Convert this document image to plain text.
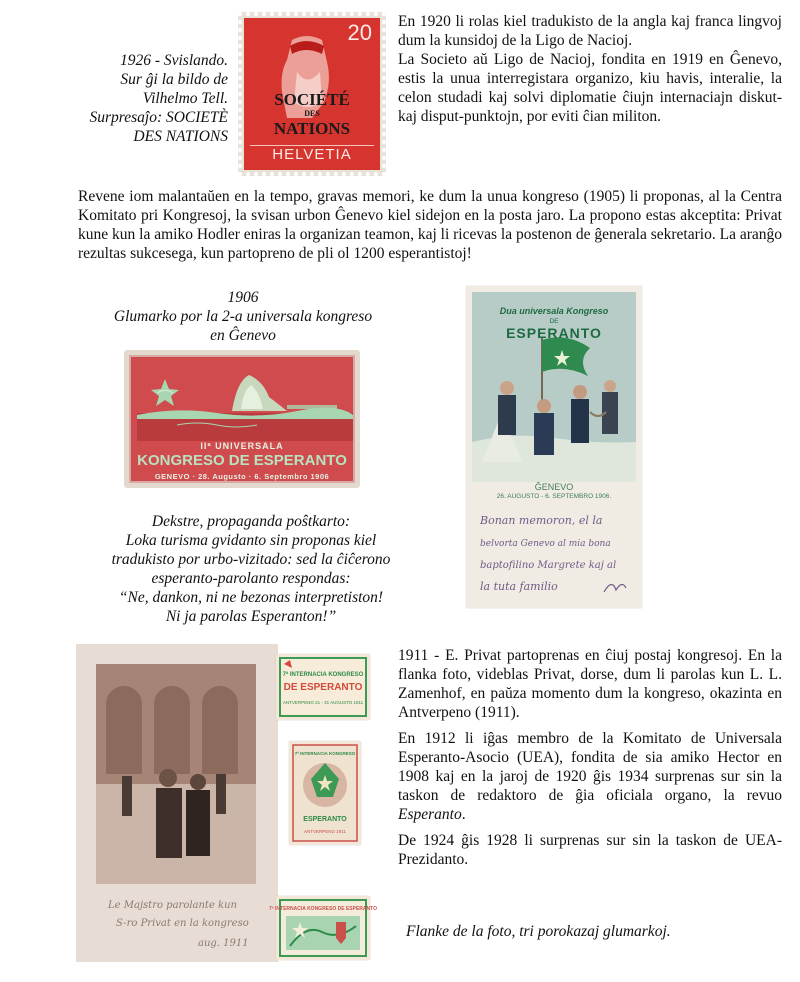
20
SOCIÉTÉ
DES
NATIONS
HELVETIA
1926 - Svislando.
Sur ĝi la bildo de
Vilhelmo Tell.
Surpresaĵo: SOCIETÈ
DES NATIONS

En 1920 li rolas kiel tradukisto de la angla kaj franca lingvoj dum la kunsidoj de la Ligo de Nacioj.

La Societo aŭ Ligo de Nacioj, fondita en 1919 en Ĝenevo, estis la unua interregistara organizo, kiu havis, interalie, la celon studadi kaj solvi diplomatie ĉiujn internaciajn diskut- kaj disput-punktojn, por eviti ĉian militon.

Revene iom malantaŭen en la tempo, gravas memori, ke dum la unua kongreso (1905) li proponas, al la Centra Komitato pri Kongresoj, la svisan urbon Ĝenevo kiel sidejon en la posta jaro. La propono estas akceptita: Privat kune kun la amiko Hodler eniras la organizan teamon, kaj li ricevas la postenon de ĝenerala sekretario. La aranĝo rezultas sukcesega, kun partopreno de pli ol 1200 esperantistoj!

1906
Glumarko por la 2-a universala kongreso
en Ĝenevo
IIª UNIVERSALA
KONGRESO DE ESPERANTO
GENEVO · 28. Augusto · 6. Septembro 1906
Dekstre, propaganda poŝtkarto:
Loka turisma gvidanto sin proponas kiel
tradukisto por urbo-vizitado: sed la ĉiĉerono
esperanto-parolanto respondas:
“Ne, dankon, ni ne bezonas interpretiston!
Ni ja parolas Esperanton!”
Dua universala Kongreso
DE
ESPERANTO
ĜENEVO
26. AUGUSTO - 6. SEPTEMBRO 1906.
Bonan memoron, el la
belvorta Genevo al mia bona
baptofilino Margrete kaj al
la tuta familio
Le Majstro parolante kun
S-ro Privat en la kongreso
aug. 1911
7ª INTERNACIA KONGRESO
DE ESPERANTO
ANTVERPENO 21 - 31 AUGUSTO 1911
7ª INTERNACIA KONGRESO
ESPERANTO
ANTVERPENO 1911
7ª INTERNACIA KONGRESO DE ESPERANTO

1911 - E. Privat partoprenas en ĉiuj postaj kongresoj. En la flanka foto, videblas Privat, dorse, dum li parolas kun L. L. Zamenhof, en paŭza momento dum la kongreso, okazinta en Antverpeno (1911).

En 1912 li iĝas membro de la Komitato de Universala Esperanto-Asocio (UEA), fondita de sia amiko Hector en 1908 kaj en la jaroj de 1920 ĝis 1934 surprenas sur sin la taskon de redaktoro de ĝia oficiala organo, la revuo Esperanto.

De 1924 ĝis 1928 li surprenas sur sin la taskon de UEA-Prezidanto.

Flanke de la foto, tri porokazaj glumarkoj.
